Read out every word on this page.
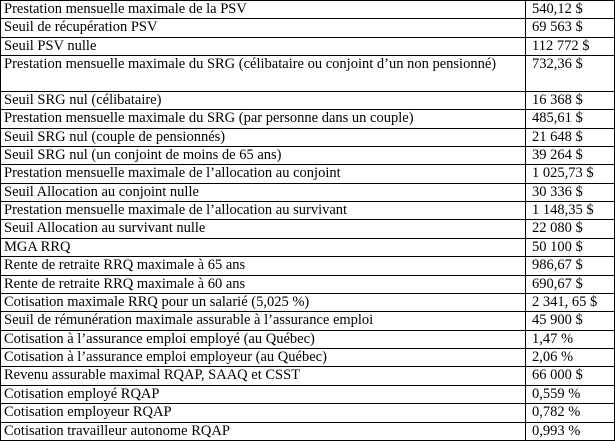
Prestation mensuelle maximale de la PSV	540,12 $
Seuil de récupération PSV	69 563 $
Seuil PSV nulle	112 772 $
Prestation mensuelle maximale du SRG (célibataire ou conjoint d’un non pensionné)	732,36 $
Seuil SRG nul (célibataire)	16 368 $
Prestation mensuelle maximale du SRG (par personne dans un couple)	485,61 $
Seuil SRG nul (couple de pensionnés)	21 648 $
Seuil SRG nul (un conjoint de moins de 65 ans)	39 264 $
Prestation mensuelle maximale de l’allocation au conjoint	1 025,73 $
Seuil Allocation au conjoint nulle	30 336 $
Prestation mensuelle maximale de l’allocation au survivant	1 148,35 $
Seuil Allocation au survivant nulle	22 080 $
MGA RRQ	50 100 $
Rente de retraite RRQ maximale à 65 ans	986,67 $
Rente de retraite RRQ maximale à 60 ans	690,67 $
Cotisation maximale RRQ pour un salarié (5,025 %)	2 341, 65 $
Seuil de rémunération maximale assurable à l’assurance emploi	45 900 $
Cotisation à l’assurance emploi employé (au Québec)	1,47 %
Cotisation à l’assurance emploi employeur (au Québec)	2,06 %
Revenu assurable maximal RQAP, SAAQ et CSST	66 000 $
Cotisation employé RQAP	0,559 %
Cotisation employeur RQAP	0,782 %
Cotisation travailleur autonome RQAP	0,993 %
